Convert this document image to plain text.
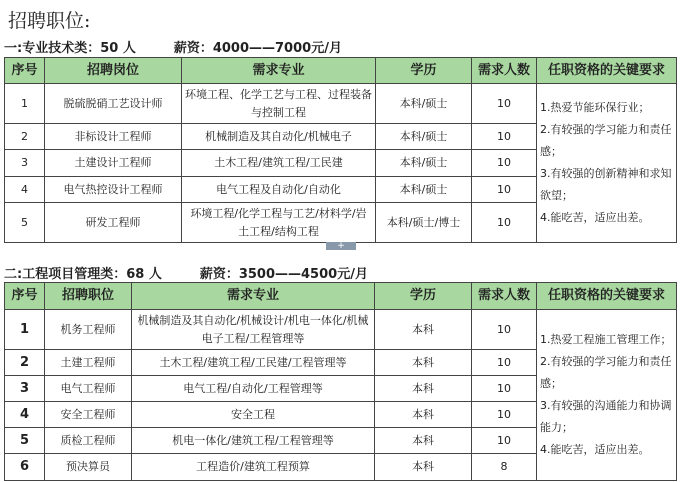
招聘职位:
一:专业技术类：50 人	薪资：4000——7000元/月
序号	招聘岗位	需求专业	学历	需求人数	任职资格的关键要求
1	脱硫脱硝工艺设计师	环境工程、化学工艺与工程、过程装备与控制工程	本科/硕士	10	1.热爱节能环保行业；
2.有较强的学习能力和责任感；
3.有较强的创新精神和求知欲望；
4.能吃苦，适应出差。

2	非标设计工程师	机械制造及其自动化/机械电子	本科/硕士	10	
3	土建设计工程师	土木工程/建筑工程/工民建	本科/硕士	10	
4	电气热控设计工程师	电气工程及自动化/自动化	本科/硕士	10	
5	研发工程师	环境工程/化学工程与工艺/材料学/岩土工程/结构工程	本科/硕士/博士	10	
+
二:工程项目管理类：68 人	薪资：3500——4500元/月
序号	招聘职位	需求专业	学历	需求人数	任职资格的关键要求
1	机务工程师	机械制造及其自动化/机械设计/机电一体化/机械电子工程/工程管理等	本科	10	1.热爱工程施工管理工作；
2.有较强的学习能力和责任感；
3.有较强的沟通能力和协调能力；
4.能吃苦，适应出差。

2	土建工程师	土木工程/建筑工程/工民建/工程管理等	本科	10	
3	电气工程师	电气工程/自动化/工程管理等	本科	10	
4	安全工程师	安全工程	本科	10	
5	质检工程师	机电一体化/建筑工程/工程管理等	本科	10	
6	预决算员	工程造价/建筑工程预算	本科	8	
